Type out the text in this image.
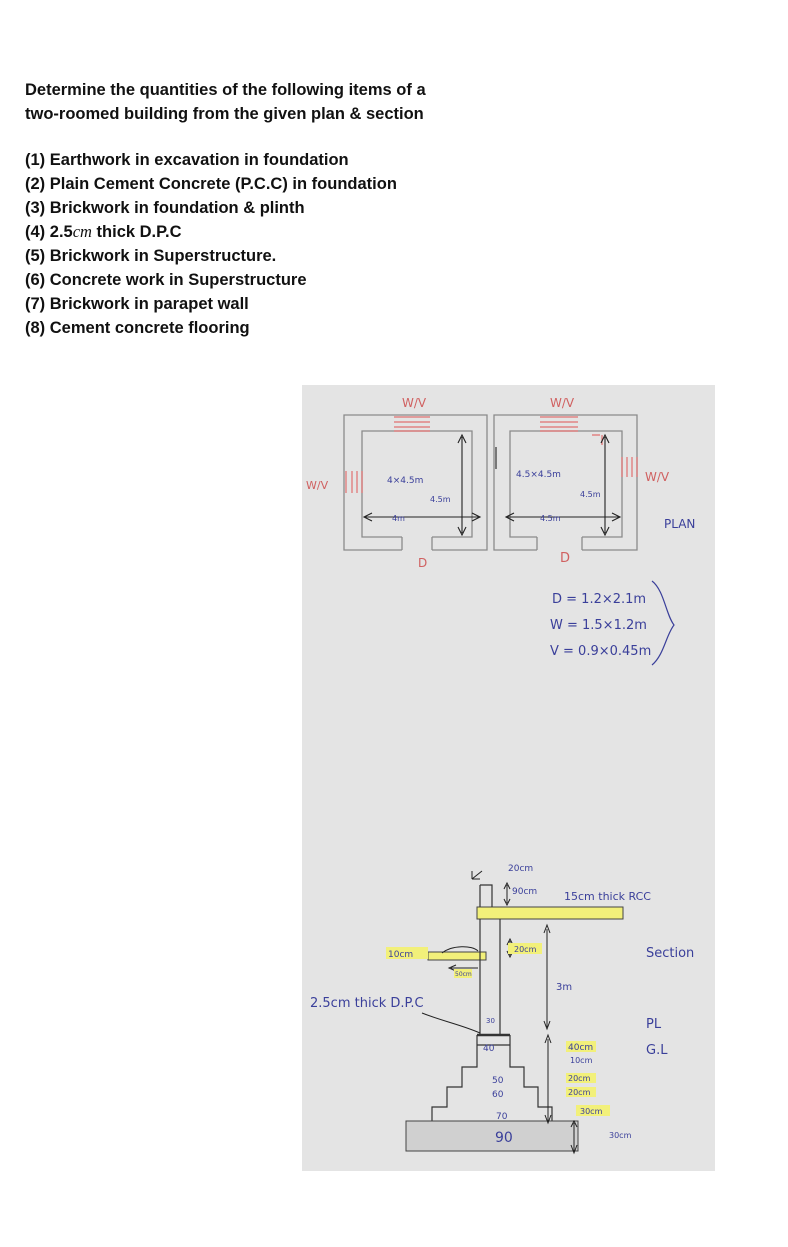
Determine the quantities of the following items of a

two-roomed building from the given plan & section

(1) Earthwork in excavation in foundation
(2) Plain Cement Concrete (P.C.C) in foundation
(3) Brickwork in foundation & plinth
(4) 2.5cm thick D.P.C
(5) Brickwork in Superstructure.
(6) Concrete work in Superstructure
(7) Brickwork in parapet wall
(8) Cement concrete flooring
W/V	W/V
W/V
W/V
4×4.5m
4.5m
4m
4.5×4.5m
4.5m
4.5m
D	D
PLAN
D = 1.2×2.1m
W = 1.5×1.2m
V = 0.9×0.45m
20cm
90cm 15cm thick RCC
10cm
50cm
20cm
3m
2.5cm thick D.P.C
Section
PL
G.L
30
40
50
60
70
90
40cm
10cm
20cm
20cm
30cm
30cm
